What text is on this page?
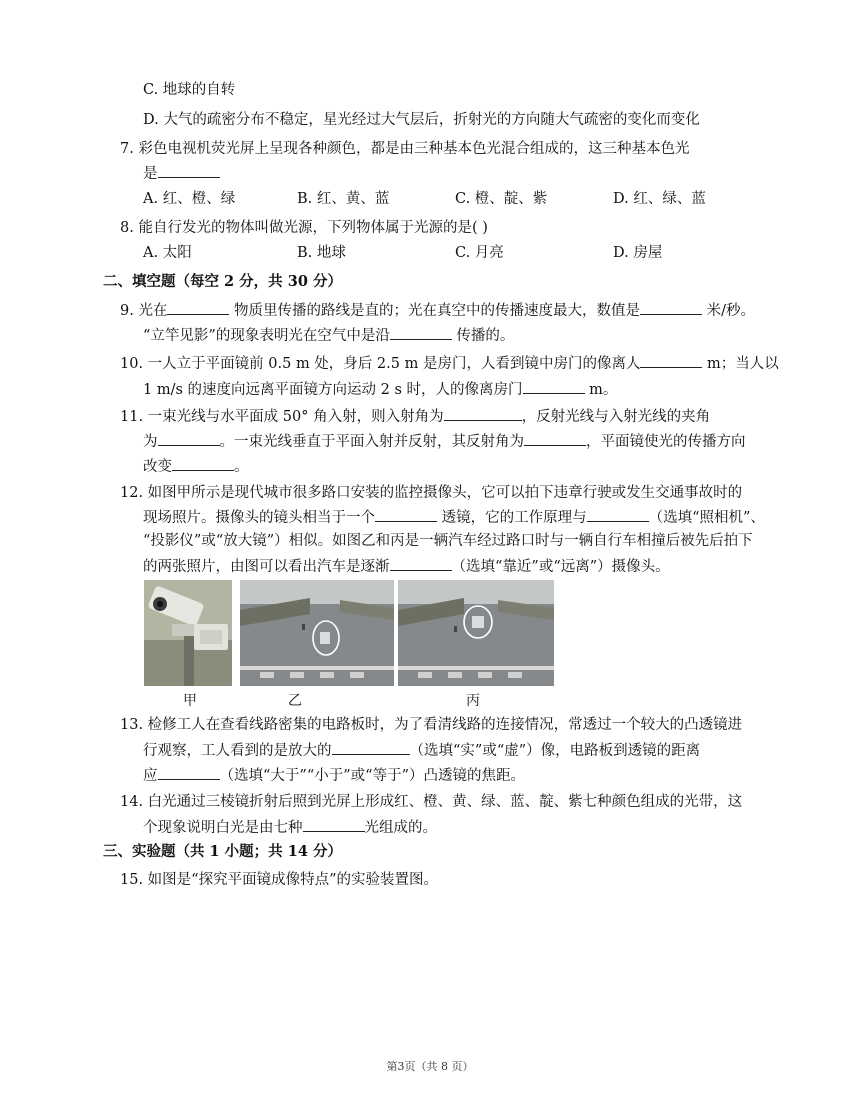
C. 地球的自转
D. 大气的疏密分布不稳定，星光经过大气层后，折射光的方向随大气疏密的变化而变化
7. 彩色电视机荧光屏上呈现各种颜色，都是由三种基本色光混合组成的，这三种基本色光
是
A. 红、橙、绿	B. 红、黄、蓝	C. 橙、靛、紫	D. 红、绿、蓝
8. 能自行发光的物体叫做光源，下列物体属于光源的是( )
A. 太阳	B. 地球	C. 月亮	D. 房屋
二、填空题（每空 2 分，共 30 分）
9. 光在	物质里传播的路线是直的；光在真空中的传播速度最大，数值是	米/秒。
“立竿见影”的现象表明光在空气中是沿	传播的。
10. 一人立于平面镜前 0.5 m 处，身后 2.5 m 是房门，人看到镜中房门的像离人	m；当人以
1 m/s 的速度向远离平面镜方向运动 2 s 时，人的像离房门	m。
11. 一束光线与水平面成 50° 角入射，则入射角为	，反射光线与入射光线的夹角
为	。一束光线垂直于平面入射并反射，其反射角为	，平面镜使光的传播方向
改变	。
12. 如图甲所示是现代城市很多路口安装的监控摄像头，它可以拍下违章行驶或发生交通事故时的
现场照片。摄像头的镜头相当于一个	透镜，它的工作原理与	（选填“照相机”、
“投影仪”或“放大镜”）相似。如图乙和丙是一辆汽车经过路口时与一辆自行车相撞后被先后拍下
的两张照片，由图可以看出汽车是逐渐	（选填“靠近”或“远离”）摄像头。
甲	乙	丙
13. 检修工人在查看线路密集的电路板时，为了看清线路的连接情况，常透过一个较大的凸透镜进
行观察，工人看到的是放大的	（选填“实”或“虚”）像，电路板到透镜的距离
应	（选填“大于”“小于”或“等于”）凸透镜的焦距。
14. 白光通过三棱镜折射后照到光屏上形成红、橙、黄、绿、蓝、靛、紫七种颜色组成的光带，这
个现象说明白光是由七种	光组成的。
三、实验题（共 1 小题；共 14 分）
15. 如图是“探究平面镜成像特点”的实验装置图。
第3页（共 8 页）
